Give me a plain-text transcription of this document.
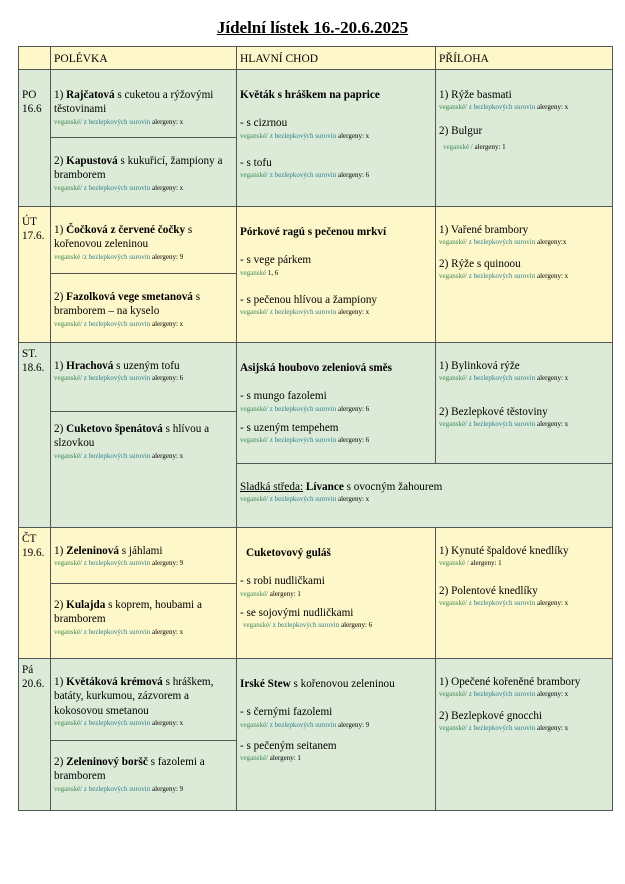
Jídelní lístek 16.-20.6.2025
	POLÉVKA	HLAVNÍ CHOD	PŘÍLOHA
PO
16.6	1) Rajčatová s cuketou a rýžovými těstovinami
veganské/ z bezlepkových surovin alergeny: x	Květák s hráškem na paprice
- s cizrnou
veganské/ z bezlepkových surovin alergeny: x
- s tofu
veganské/ z bezlepkových surovin alergeny: 6	1) Rýže basmati
veganské/ z bezlepkových surovin alergeny: x
2) Bulgur
veganské / alergeny: 1

	2) Kapustová s kukuřicí, žampiony a bramborem
veganské/ z bezlepkových surovin alergeny: x		

ÚT
17.6.	1) Čočková z červené čočky s kořenovou zeleninou
veganské /z bezlepkových surovin alergeny: 9	Pórkové ragú s pečenou mrkví
- s vege párkem
veganské 1, 6
- s pečenou hlívou a žampiony
veganské/ z bezlepkových surovin alergeny: x	1) Vařené brambory
veganské/ z bezlepkových surovin alergeny:x
2) Rýže s quinoou
veganské/ z bezlepkových surovin alergeny: x

	2) Fazolková vege smetanová s bramborem – na kyselo
veganské/ z bezlepkových surovin alergeny: x		

ST.
18.6.	1) Hrachová s uzeným tofu
veganské/ z bezlepkových surovin alergeny: 6	Asijská houbovo zeleniová směs
- s mungo fazolemi
veganské/ z bezlepkových surovin alergeny: 6
- s uzeným tempehem
veganské/ z bezlepkových surovin alergeny: 6	1) Bylinková rýže
veganské/ z bezlepkových surovin alergeny: x
2) Bezlepkové těstoviny
veganské/ z bezlepkových surovin alergeny: x

	2) Cuketovo špenátová s hlívou a slzovkou
veganské/ z bezlepkových surovin alergeny: x		

		Sladká středa: Lívance s ovocným žahourem
veganské/ z bezlepkových surovin alergeny: x	

ČT
19.6.	1) Zeleninová s jáhlami
veganské/ z bezlepkových surovin alergeny: 9	Cuketovový guláš
- s robi nudličkami
veganské/ alergeny: 1
- se sojovými nudličkami
veganské/ z bezlepkových surovin alergeny: 6	1) Kynuté špaldové knedlíky
veganské / alergeny: 1
2) Polentové knedlíky
veganské/ z bezlepkových surovin alergeny: x

	2) Kulajda s koprem, houbami a bramborem
veganské/ z bezlepkových surovin alergeny: x		

Pá
20.6.	1) Květáková krémová s hráškem, batáty, kurkumou, zázvorem a kokosovou smetanou
veganské/ z bezlepkových surovin alergeny: x	Irské Stew s kořenovou zeleninou
- s černými fazolemi
veganské/ z bezlepkových surovin alergeny: 9
- s pečeným seitanem
veganské/ alergeny: 1	1) Opečené kořeněné brambory
veganské/ z bezlepkových surovin alergeny: x
2) Bezlepkové gnocchi
veganské/ z bezlepkových surovin alergeny: x

	2) Zeleninový boršč s fazolemi a bramborem
veganské/ z bezlepkových surovin alergeny: 9		
